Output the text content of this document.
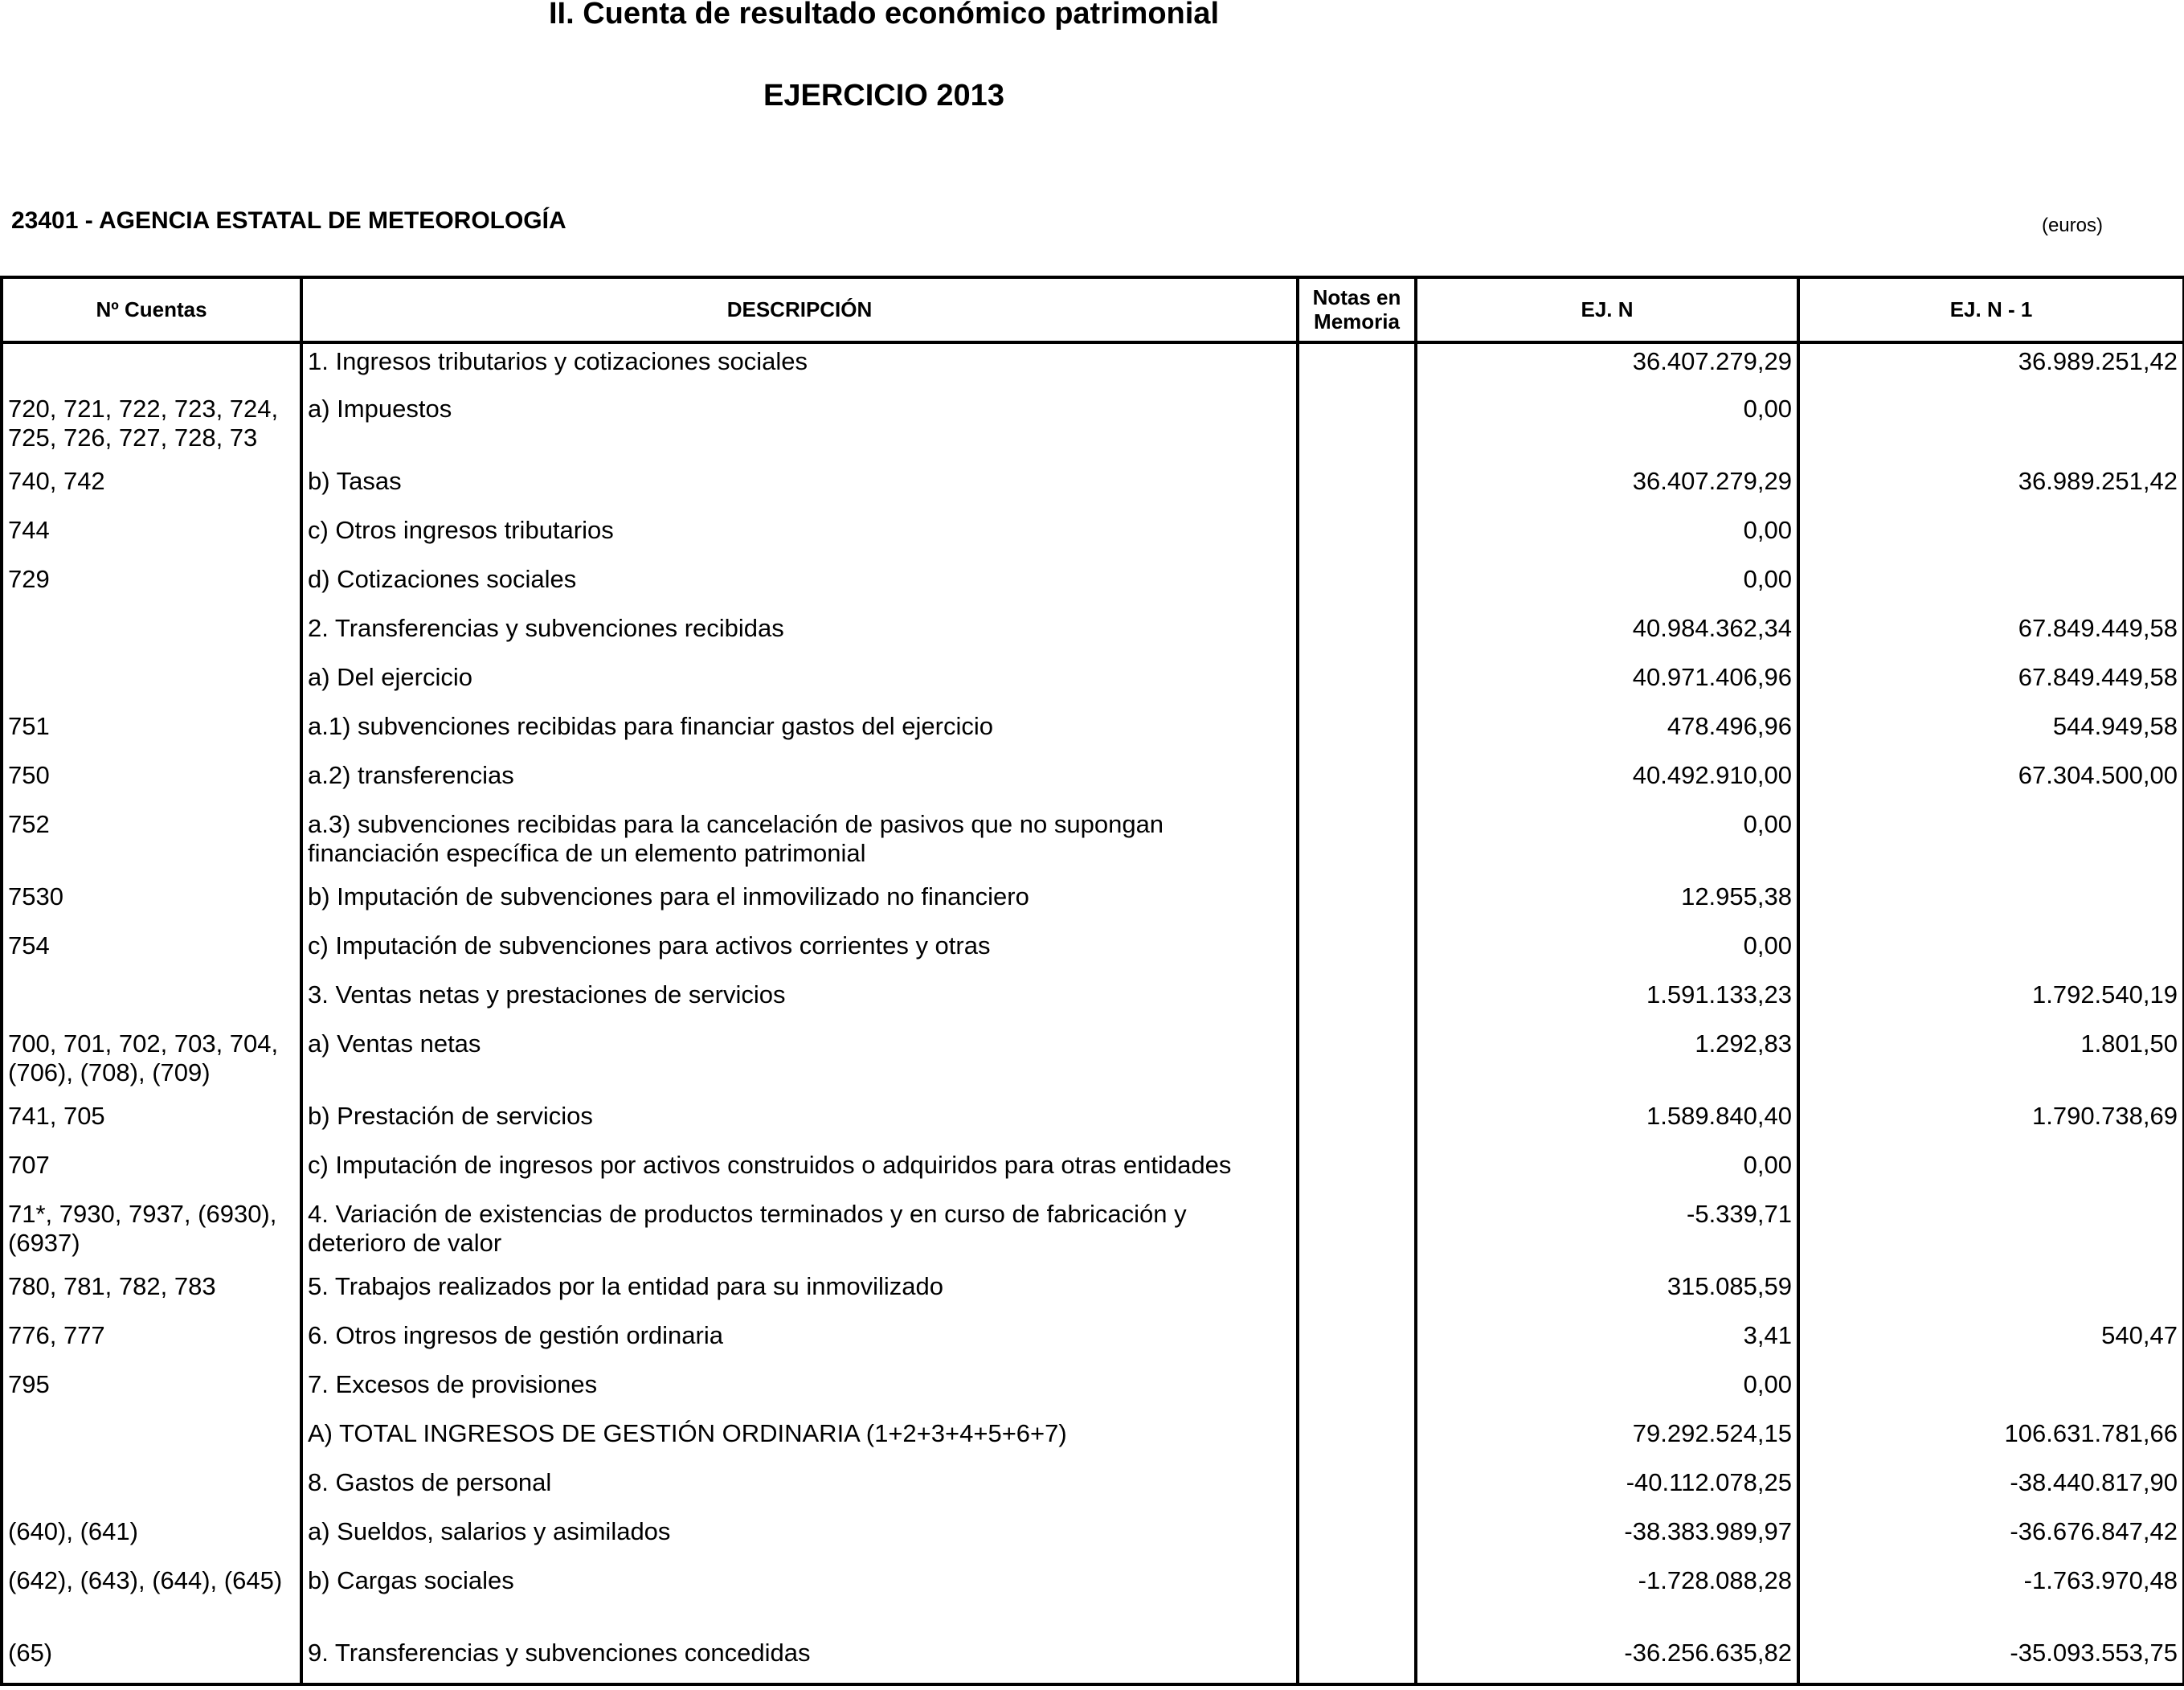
II. Cuenta de resultado económico patrimonial
EJERCICIO 2013
23401 - AGENCIA ESTATAL DE METEOROLOGÍA	(euros)
Nº Cuentas	DESCRIPCIÓN	Notas en Memoria	EJ. N	EJ. N - 1
	1. Ingresos tributarios y cotizaciones sociales		36.407.279,29	36.989.251,42
720, 721, 722, 723, 724, 725, 726, 727, 728, 73	a) Impuestos		0,00	
740, 742	b) Tasas		36.407.279,29	36.989.251,42
744	c) Otros ingresos tributarios		0,00	
729	d) Cotizaciones sociales		0,00	
	2. Transferencias y subvenciones recibidas		40.984.362,34	67.849.449,58
	a) Del ejercicio		40.971.406,96	67.849.449,58
751	a.1) subvenciones recibidas para financiar gastos del ejercicio		478.496,96	544.949,58
750	a.2) transferencias		40.492.910,00	67.304.500,00
752	a.3) subvenciones recibidas para la cancelación de pasivos que no supongan financiación específica de un elemento patrimonial		0,00	
7530	b) Imputación de subvenciones para el inmovilizado no financiero		12.955,38	
754	c) Imputación de subvenciones para activos corrientes y otras		0,00	
	3. Ventas netas y prestaciones de servicios		1.591.133,23	1.792.540,19
700, 701, 702, 703, 704, (706), (708), (709)	a) Ventas netas		1.292,83	1.801,50
741, 705	b) Prestación de servicios		1.589.840,40	1.790.738,69
707	c) Imputación de ingresos por activos construidos o adquiridos para otras entidades		0,00	
71*, 7930, 7937, (6930), (6937)	4. Variación de existencias de productos terminados y en curso de fabricación y deterioro de valor		-5.339,71	
780, 781, 782, 783	5. Trabajos realizados por la entidad para su inmovilizado		315.085,59	
776, 777	6. Otros ingresos de gestión ordinaria		3,41	540,47
795	7. Excesos de provisiones		0,00	
	A) TOTAL INGRESOS DE GESTIÓN ORDINARIA (1+2+3+4+5+6+7)		79.292.524,15	106.631.781,66
	8. Gastos de personal		-40.112.078,25	-38.440.817,90
(640), (641)	a) Sueldos, salarios y asimilados		-38.383.989,97	-36.676.847,42
(642), (643), (644), (645)	b) Cargas sociales		-1.728.088,28	-1.763.970,48
(65)	9. Transferencias y subvenciones concedidas		-36.256.635,82	-35.093.553,75
